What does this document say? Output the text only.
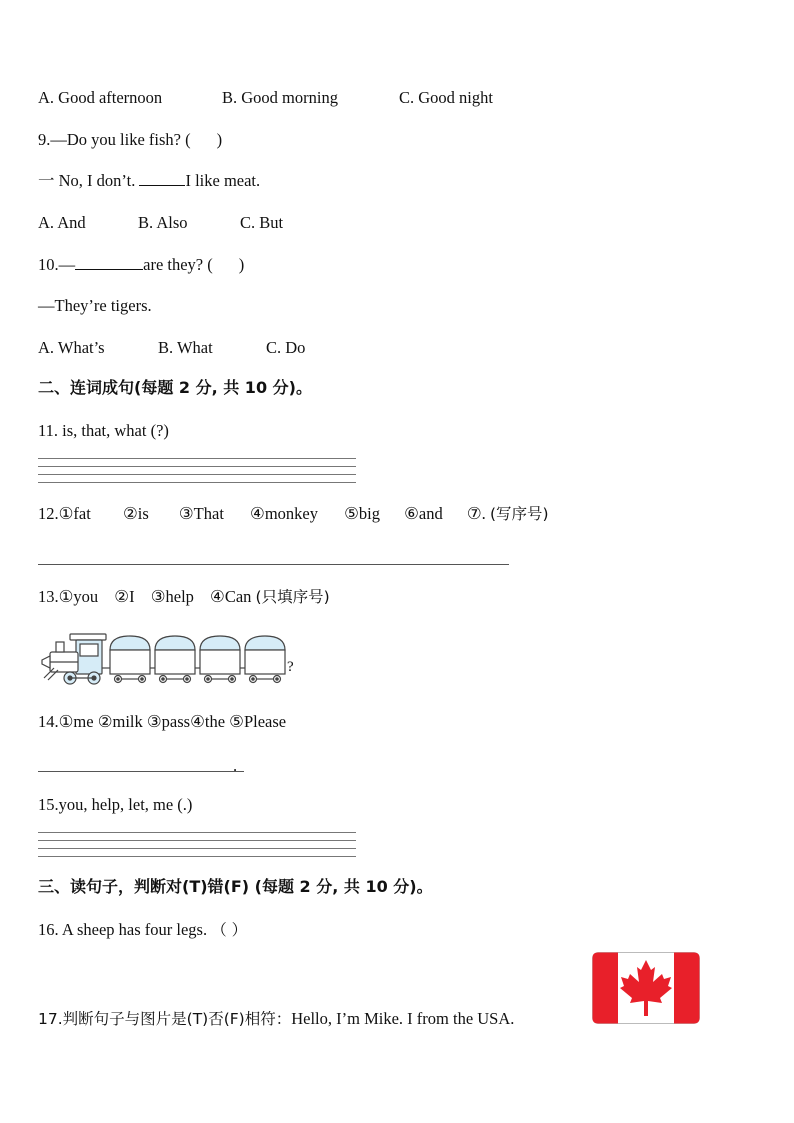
A. Good afternoon	B. Good morning	C. Good night
9.—Do you like fish? ( )
一 No, I don’t.	I like meat.
A. And	B. Also	C. But
10.—	are they? ( )
—They’re tigers.
A. What’s	B. What	C. Do
二、连词成句(每题 2 分, 共 10 分)。
11. is, that, what (?)
12.①fat ②is ③That ④monkey ⑤big ⑥and ⑦. (写序号)
13.①you ②I ③help ④Can (只填序号)
?
14.①me ②milk ③pass④the ⑤Please
.
15.you, help, let, me (.)
三、读句子，判断对(T)错(F) (每题 2 分, 共 10 分)。
16. A sheep has four legs. （ ）
17.判断句子与图片是(T)否(F)相符：Hello, I’m Mike. I from the USA.
